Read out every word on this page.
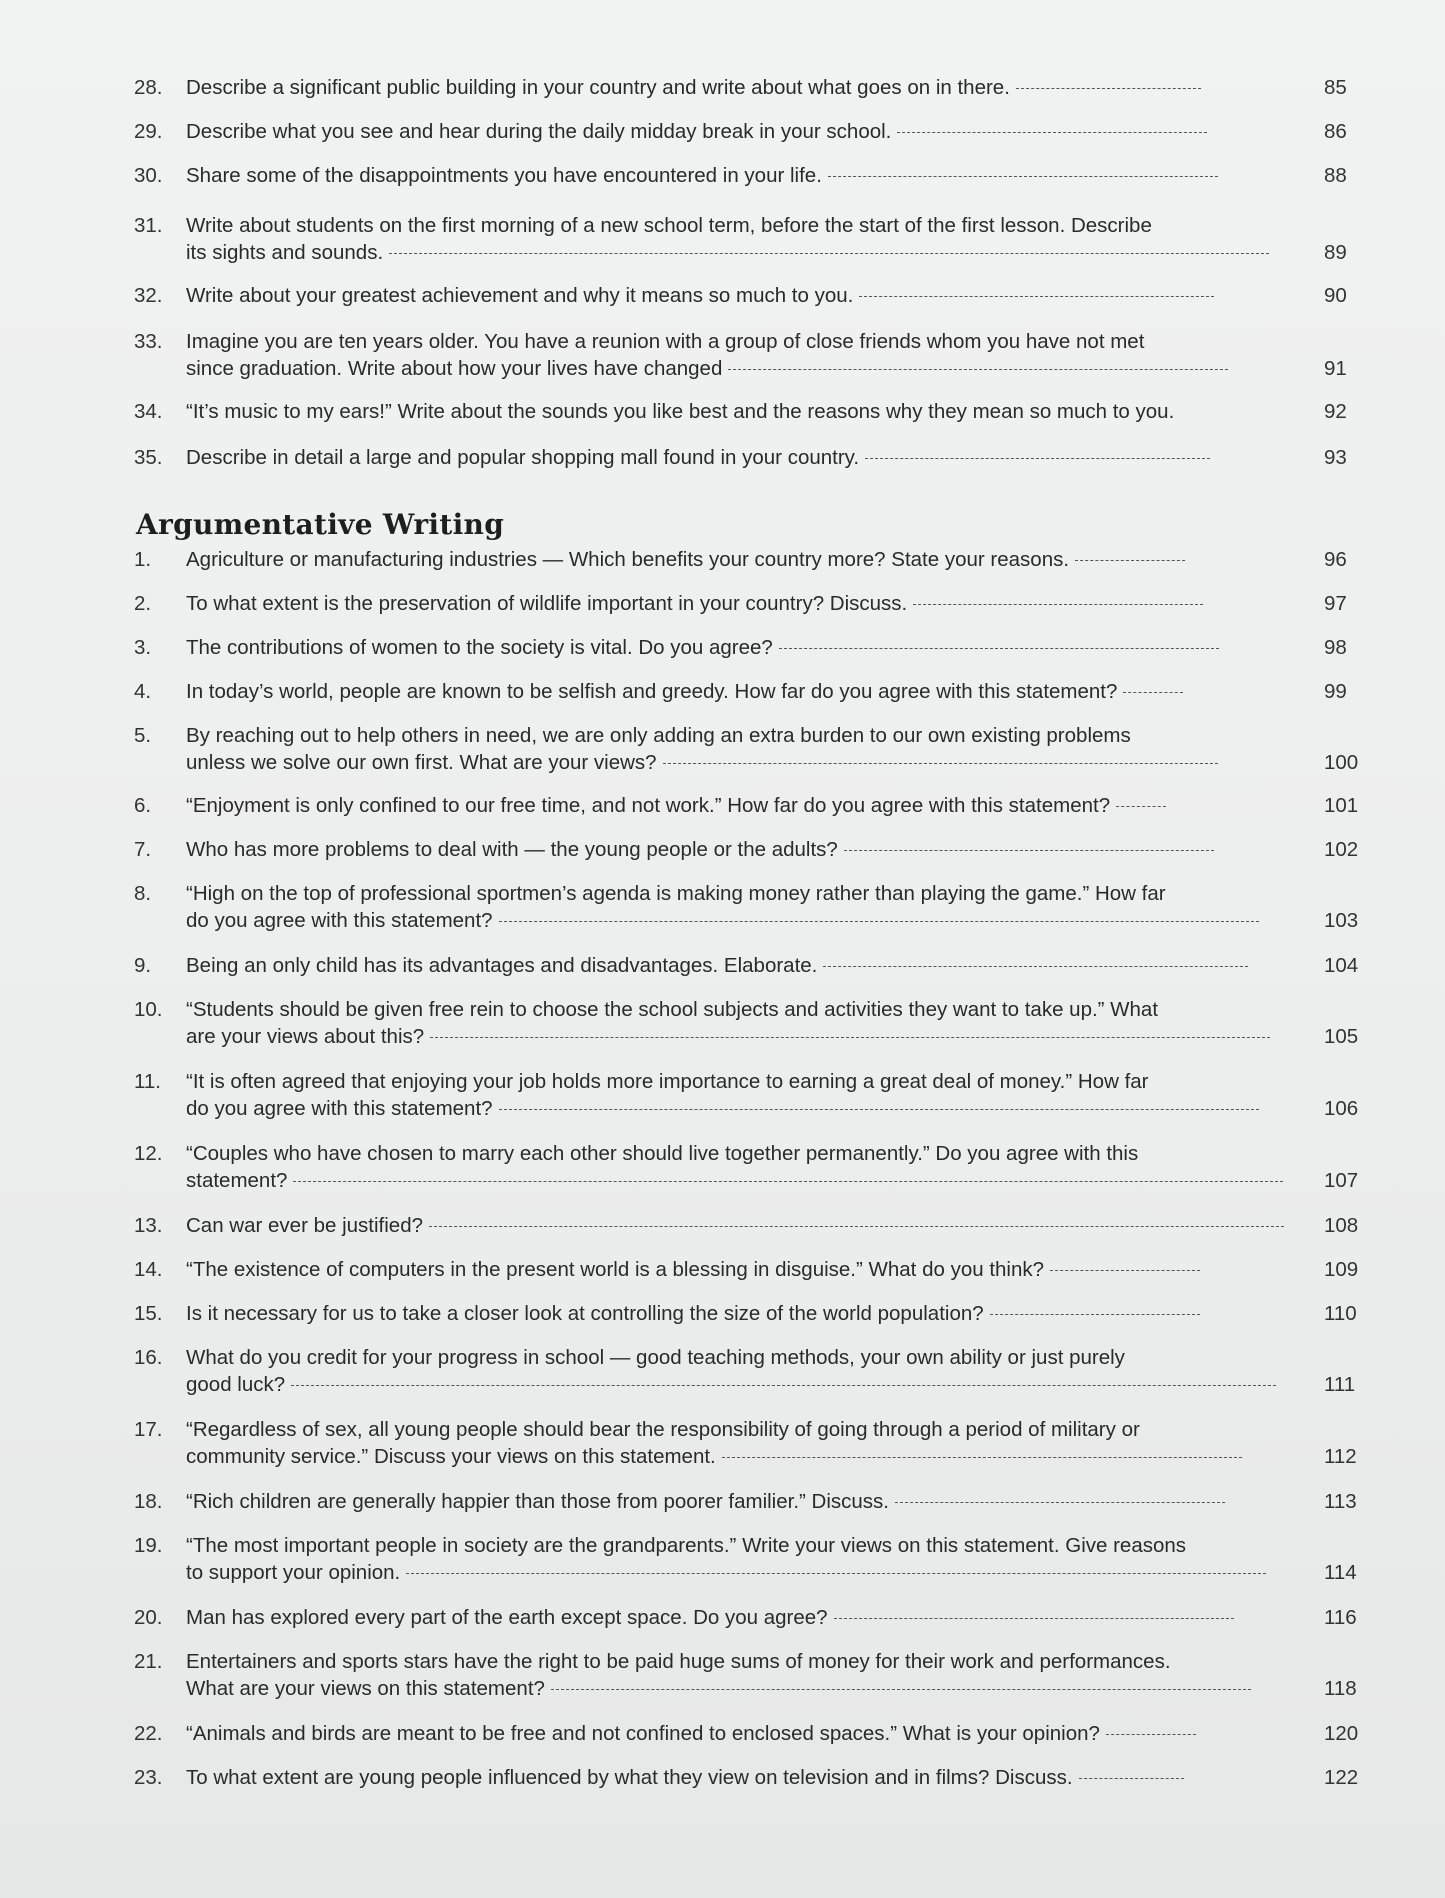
28.	Describe a significant public building in your country and write about what goes on in there.	85
29.	Describe what you see and hear during the daily midday break in your school.	86
30.	Share some of the disappointments you have encountered in your life.	88
31.	Write about students on the first morning of a new school term, before the start of the first lesson. Describe
its sights and sounds.	89
32.	Write about your greatest achievement and why it means so much to you.	90
33.	Imagine you are ten years older. You have a reunion with a group of close friends whom you have not met
since graduation. Write about how your lives have changed	91
34.	“It’s music to my ears!” Write about the sounds you like best and the reasons why they mean so much to you.	92
35.	Describe in detail a large and popular shopping mall found in your country.	93
Argumentative Writing
1.	Agriculture or manufacturing industries — Which benefits your country more? State your reasons.	96
2.	To what extent is the preservation of wildlife important in your country? Discuss.	97
3.	The contributions of women to the society is vital. Do you agree?	98
4.	In today’s world, people are known to be selfish and greedy. How far do you agree with this statement?	99
5.	By reaching out to help others in need, we are only adding an extra burden to our own existing problems
unless we solve our own first. What are your views?	100
6.	“Enjoyment is only confined to our free time, and not work.” How far do you agree with this statement?	101
7.	Who has more problems to deal with — the young people or the adults?	102
8.	“High on the top of professional sportmen’s agenda is making money rather than playing the game.” How far
do you agree with this statement?	103
9.	Being an only child has its advantages and disadvantages. Elaborate.	104
10.	“Students should be given free rein to choose the school subjects and activities they want to take up.” What
are your views about this?	105
11.	“It is often agreed that enjoying your job holds more importance to earning a great deal of money.” How far
do you agree with this statement?	106
12.	“Couples who have chosen to marry each other should live together permanently.” Do you agree with this
statement?	107
13.	Can war ever be justified?	108
14.	“The existence of computers in the present world is a blessing in disguise.” What do you think?	109
15.	Is it necessary for us to take a closer look at controlling the size of the world population?	110
16.	What do you credit for your progress in school — good teaching methods, your own ability or just purely
good luck?	111
17.	“Regardless of sex, all young people should bear the responsibility of going through a period of military or
community service.” Discuss your views on this statement.	112
18.	“Rich children are generally happier than those from poorer familier.” Discuss.	113
19.	“The most important people in society are the grandparents.” Write your views on this statement. Give reasons
to support your opinion.	114
20.	Man has explored every part of the earth except space. Do you agree?	116
21.	Entertainers and sports stars have the right to be paid huge sums of money for their work and performances.
What are your views on this statement?	118
22.	“Animals and birds are meant to be free and not confined to enclosed spaces.” What is your opinion?	120
23.	To what extent are young people influenced by what they view on television and in films? Discuss.	122
